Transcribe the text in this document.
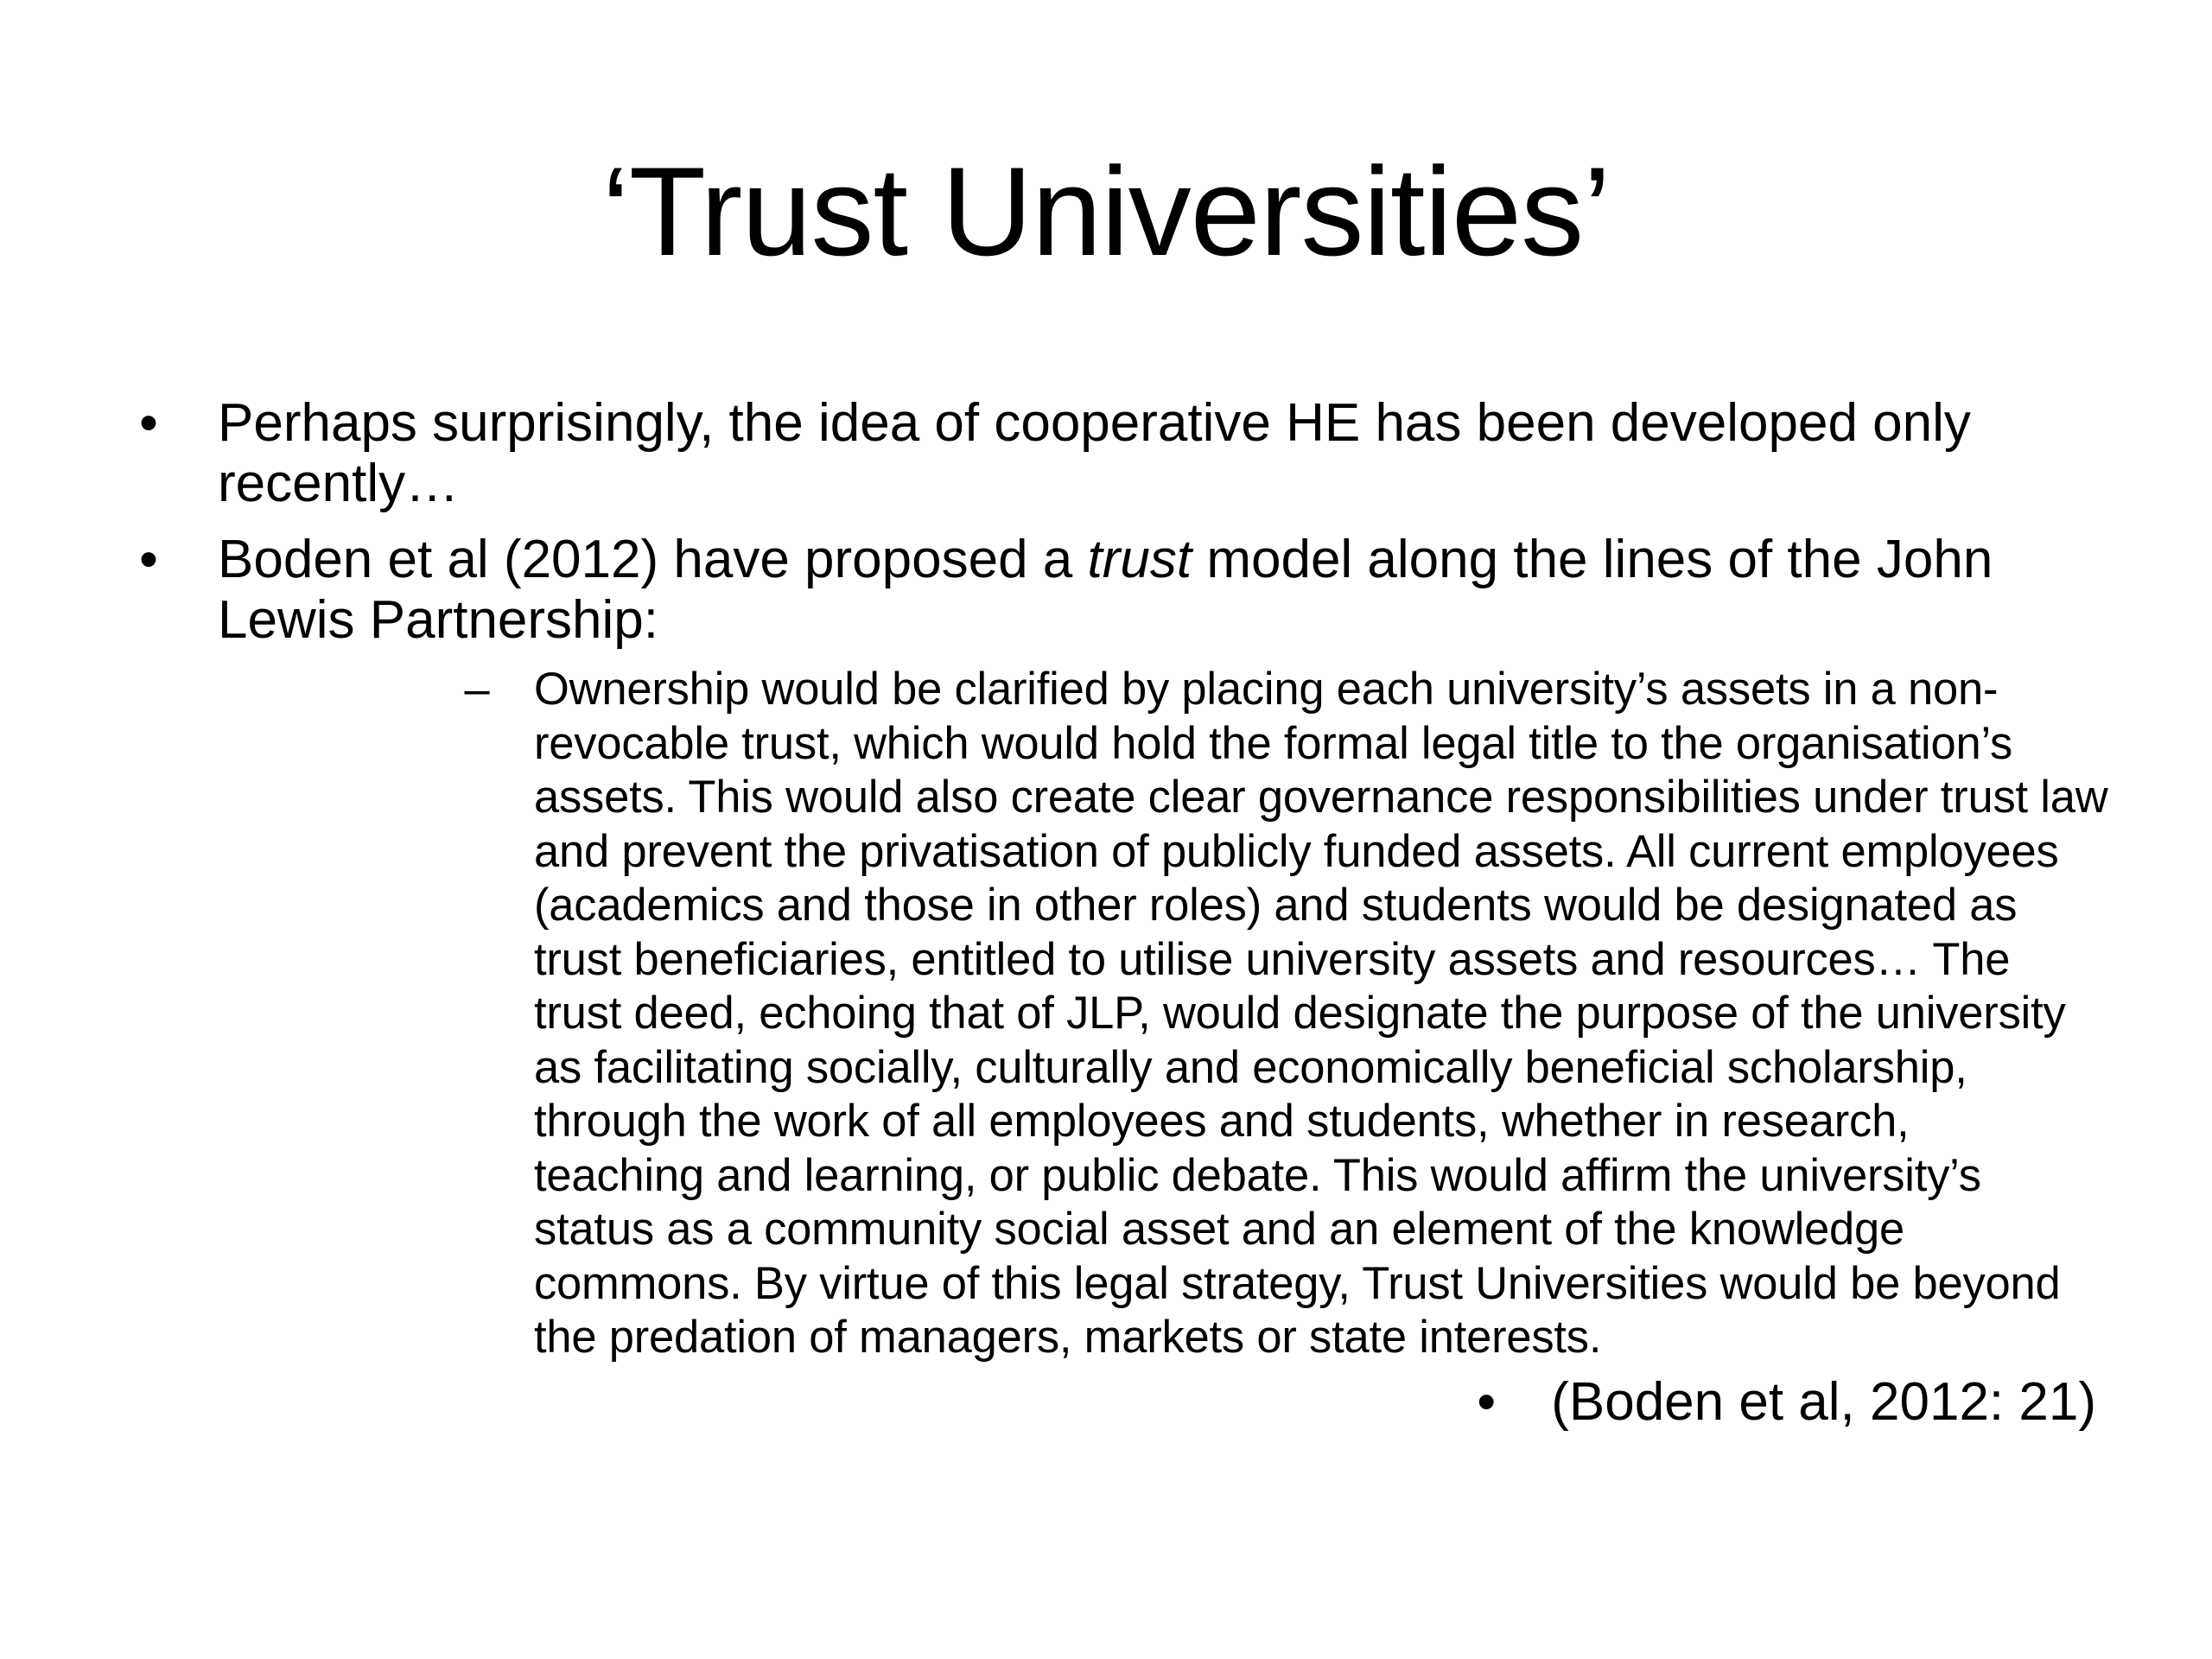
‘Trust Universities’
• Perhaps surprisingly, the idea of cooperative HE has been developed only
recently…
• Boden et al (2012) have proposed a trust model along the lines of the John
Lewis Partnership:
– Ownership would be clarified by placing each university’s assets in a non-
revocable trust, which would hold the formal legal title to the organisation’s
assets. This would also create clear governance responsibilities under trust law
and prevent the privatisation of publicly funded assets. All current employees
(academics and those in other roles) and students would be designated as
trust beneficiaries, entitled to utilise university assets and resources… The
trust deed, echoing that of JLP, would designate the purpose of the university
as facilitating socially, culturally and economically beneficial scholarship,
through the work of all employees and students, whether in research,
teaching and learning, or public debate. This would affirm the university’s
status as a community social asset and an element of the knowledge
commons. By virtue of this legal strategy, Trust Universities would be beyond
the predation of managers, markets or state interests.
• (Boden et al, 2012: 21)
